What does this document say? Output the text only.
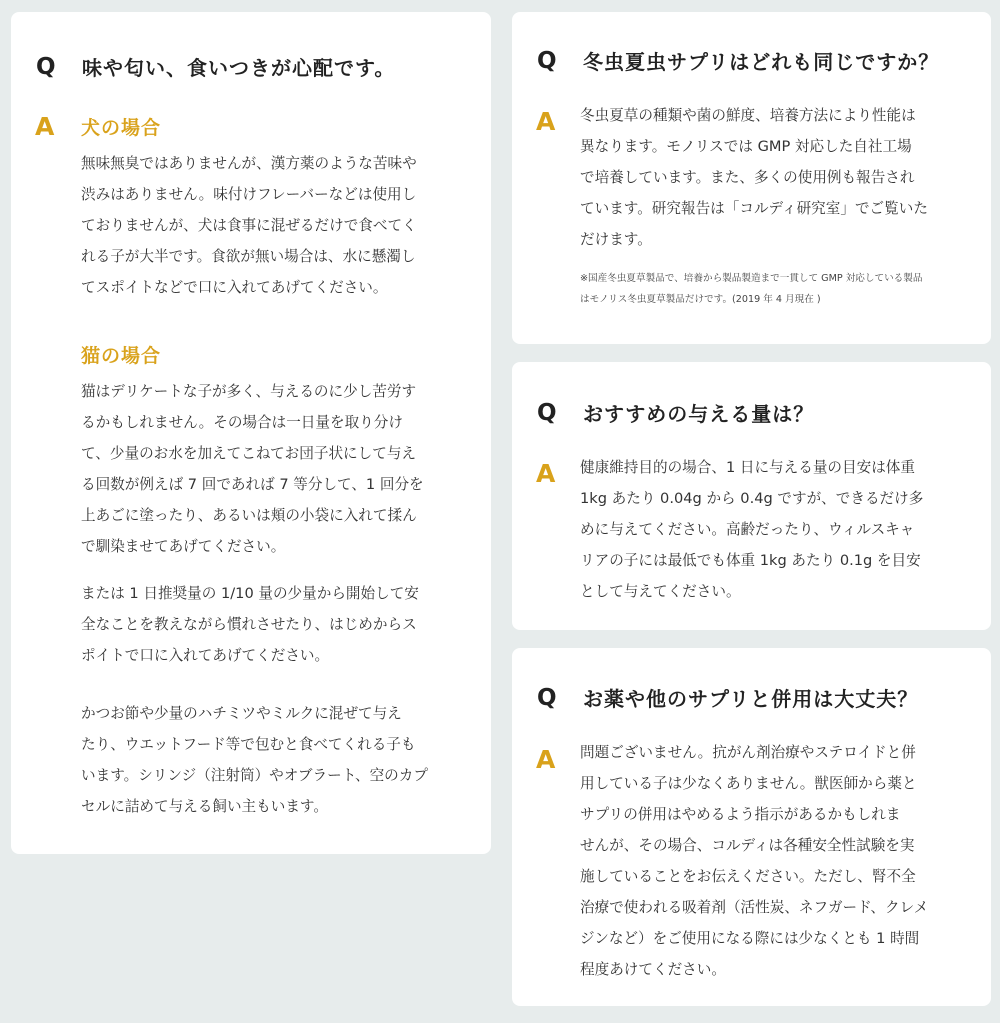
Q	味や匂い、食いつきが心配です。
A 犬の場合
無味無臭ではありませんが、漢方薬のような苦味や
渋みはありません。味付けフレーバーなどは使用し
ておりませんが、犬は食事に混ぜるだけで食べてく
れる子が大半です。食欲が無い場合は、水に懸濁し
てスポイトなどで口に入れてあげてください。
猫の場合
猫はデリケートな子が多く、与えるのに少し苦労す
るかもしれません。その場合は一日量を取り分け
て、少量のお水を加えてこねてお団子状にして与え
る回数が例えば 7 回であれば 7 等分して、1 回分を
上あごに塗ったり、あるいは頬の小袋に入れて揉ん
で馴染ませてあげてください。
または 1 日推奨量の 1/10 量の少量から開始して安
全なことを教えながら慣れさせたり、はじめからス
ポイトで口に入れてあげてください。
かつお節や少量のハチミツやミルクに混ぜて与え
たり、ウエットフード等で包むと食べてくれる子も
います。シリンジ（注射筒）やオブラート、空のカプ
セルに詰めて与える飼い主もいます。
Q	冬虫夏虫サプリはどれも同じですか？
A 冬虫夏草の種類や菌の鮮度、培養方法により性能は
異なります。モノリスでは GMP 対応した自社工場
で培養しています。また、多くの使用例も報告され
ています。研究報告は「コルディ研究室」でご覧いた
だけます。
※国産冬虫夏草製品で、培養から製品製造まで一貫して GMP 対応している製品
はモノリス冬虫夏草製品だけです。(2019 年 4 月現在 )
Q	おすすめの与える量は？
A 健康維持目的の場合、1 日に与える量の目安は体重
1kg あたり 0.04g から 0.4g ですが、できるだけ多
めに与えてください。高齢だったり、ウィルスキャ
リアの子には最低でも体重 1kg あたり 0.1g を目安
として与えてください。
Q	お薬や他のサプリと併用は大丈夫？
A 問題ございません。抗がん剤治療やステロイドと併
用している子は少なくありません。獣医師から薬と
サプリの併用はやめるよう指示があるかもしれま
せんが、その場合、コルディは各種安全性試験を実
施していることをお伝えください。ただし、腎不全
治療で使われる吸着剤（活性炭、ネフガード、クレメ
ジンなど）をご使用になる際には少なくとも 1 時間
程度あけてください。
